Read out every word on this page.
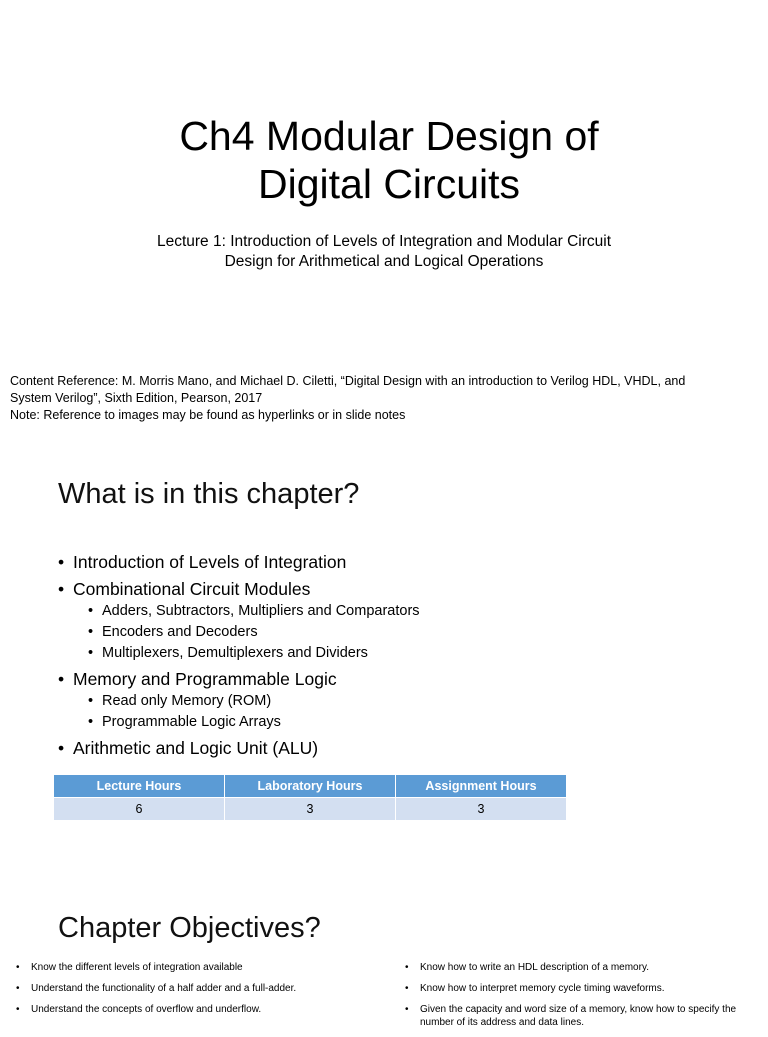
Ch4 Modular Design of
Digital Circuits
Lecture 1: Introduction of Levels of Integration and Modular Circuit
Design for Arithmetical and Logical Operations
Content Reference: M. Morris Mano, and Michael D. Ciletti, “Digital Design with an introduction to Verilog HDL, VHDL, and
System Verilog”, Sixth Edition, Pearson, 2017
Note: Reference to images may be found as hyperlinks or in slide notes
What is in this chapter?
• Introduction of Levels of Integration
• Combinational Circuit Modules
• Adders, Subtractors, Multipliers and Comparators
• Encoders and Decoders
• Multiplexers, Demultiplexers and Dividers
• Memory and Programmable Logic
• Read only Memory (ROM)
• Programmable Logic Arrays
• Arithmetic and Logic Unit (ALU)
Lecture Hours	Laboratory Hours	Assignment Hours
6	3	3
Chapter Objectives?
• Know the different levels of integration available
• Understand the functionality of a half adder and a full-adder.
• Understand the concepts of overflow and underflow.
• Know how to write an HDL description of a memory.
• Know how to interpret memory cycle timing waveforms.
• Given the capacity and word size of a memory, know how to specify the number of its address and data lines.
